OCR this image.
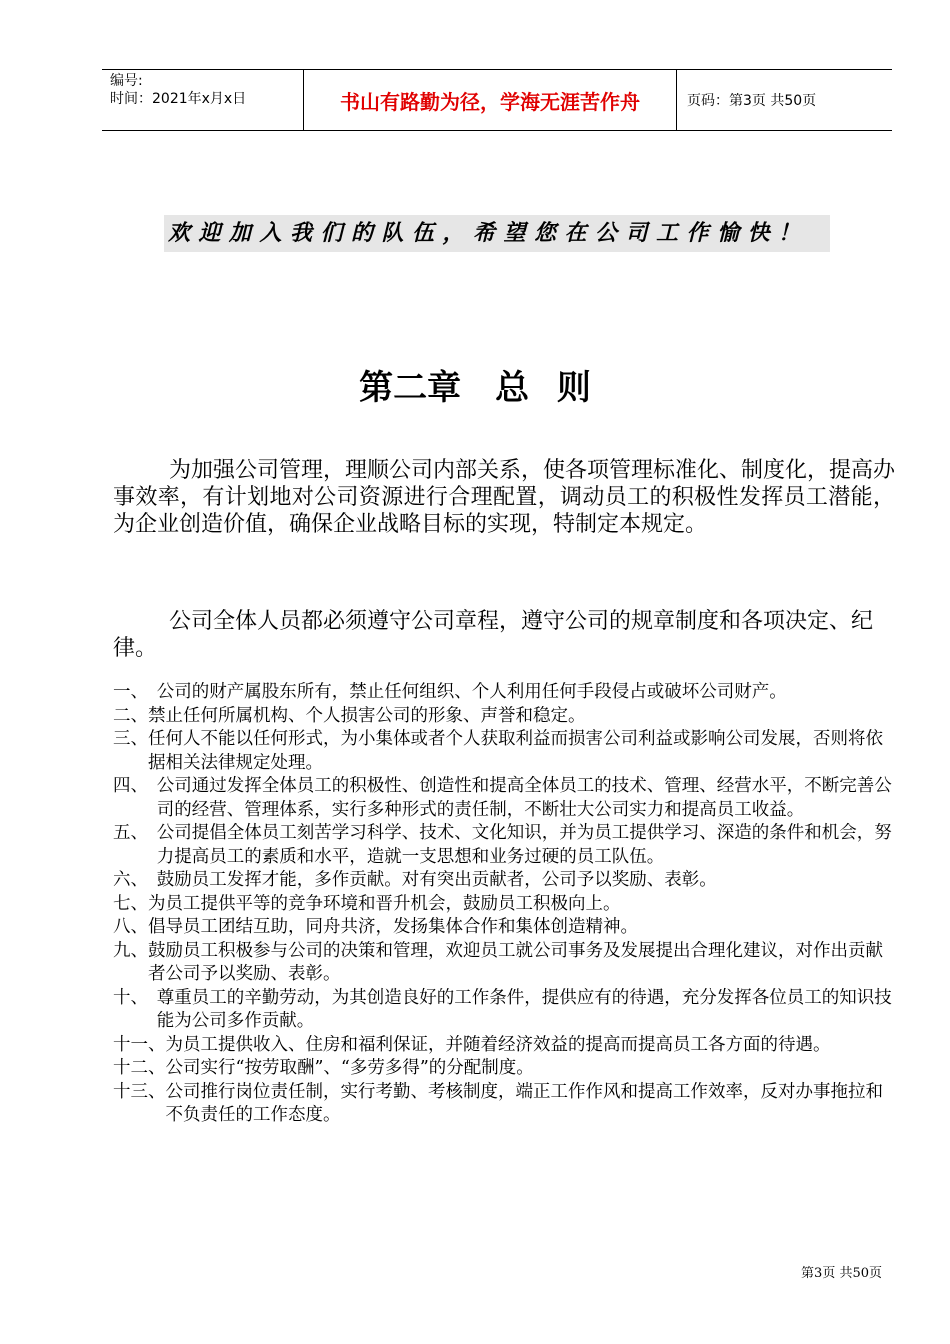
编号:
时间：2021年x月x日	书山有路勤为径，学海无涯苦作舟	页码：第3页 共50页
欢迎加入我们的队伍，希望您在公司工作愉快！
第二章　总 则

为加强公司管理，理顺公司内部关系，使各项管理标准化、制度化，提高办事效率，有计划地对公司资源进行合理配置，调动员工的积极性发挥员工潜能，为企业创造价值，确保企业战略目标的实现，特制定本规定。

公司全体人员都必须遵守公司章程，遵守公司的规章制度和各项决定、纪律。

一、　 公司的财产属股东所有，禁止任何组织、个人利用任何手段侵占或破坏公司财产。
二、 禁止任何所属机构、个人损害公司的形象、声誉和稳定。
三、 任何人不能以任何形式，为小集体或者个人获取利益而损害公司利益或影响公司发展，否则将依据相关法律规定处理。
四、　 公司通过发挥全体员工的积极性、创造性和提高全体员工的技术、管理、经营水平，不断完善公司的经营、管理体系，实行多种形式的责任制，不断壮大公司实力和提高员工收益。
五、　 公司提倡全体员工刻苦学习科学、技术、文化知识，并为员工提供学习、深造的条件和机会，努力提高员工的素质和水平，造就一支思想和业务过硬的员工队伍。
六、　 鼓励员工发挥才能，多作贡献。对有突出贡献者，公司予以奖励、表彰。
七、 为员工提供平等的竞争环境和晋升机会，鼓励员工积极向上。
八、 倡导员工团结互助，同舟共济，发扬集体合作和集体创造精神。
九、 鼓励员工积极参与公司的决策和管理，欢迎员工就公司事务及发展提出合理化建议，对作出贡献者公司予以奖励、表彰。
十、　 尊重员工的辛勤劳动，为其创造良好的工作条件，提供应有的待遇，充分发挥各位员工的知识技能为公司多作贡献。
十一、 为员工提供收入、住房和福利保证，并随着经济效益的提高而提高员工各方面的待遇。
十二、 公司实行“按劳取酬”、“多劳多得”的分配制度。
十三、 公司推行岗位责任制，实行考勤、考核制度，端正工作作风和提高工作效率，反对办事拖拉和不负责任的工作态度。
第3页 共50页
